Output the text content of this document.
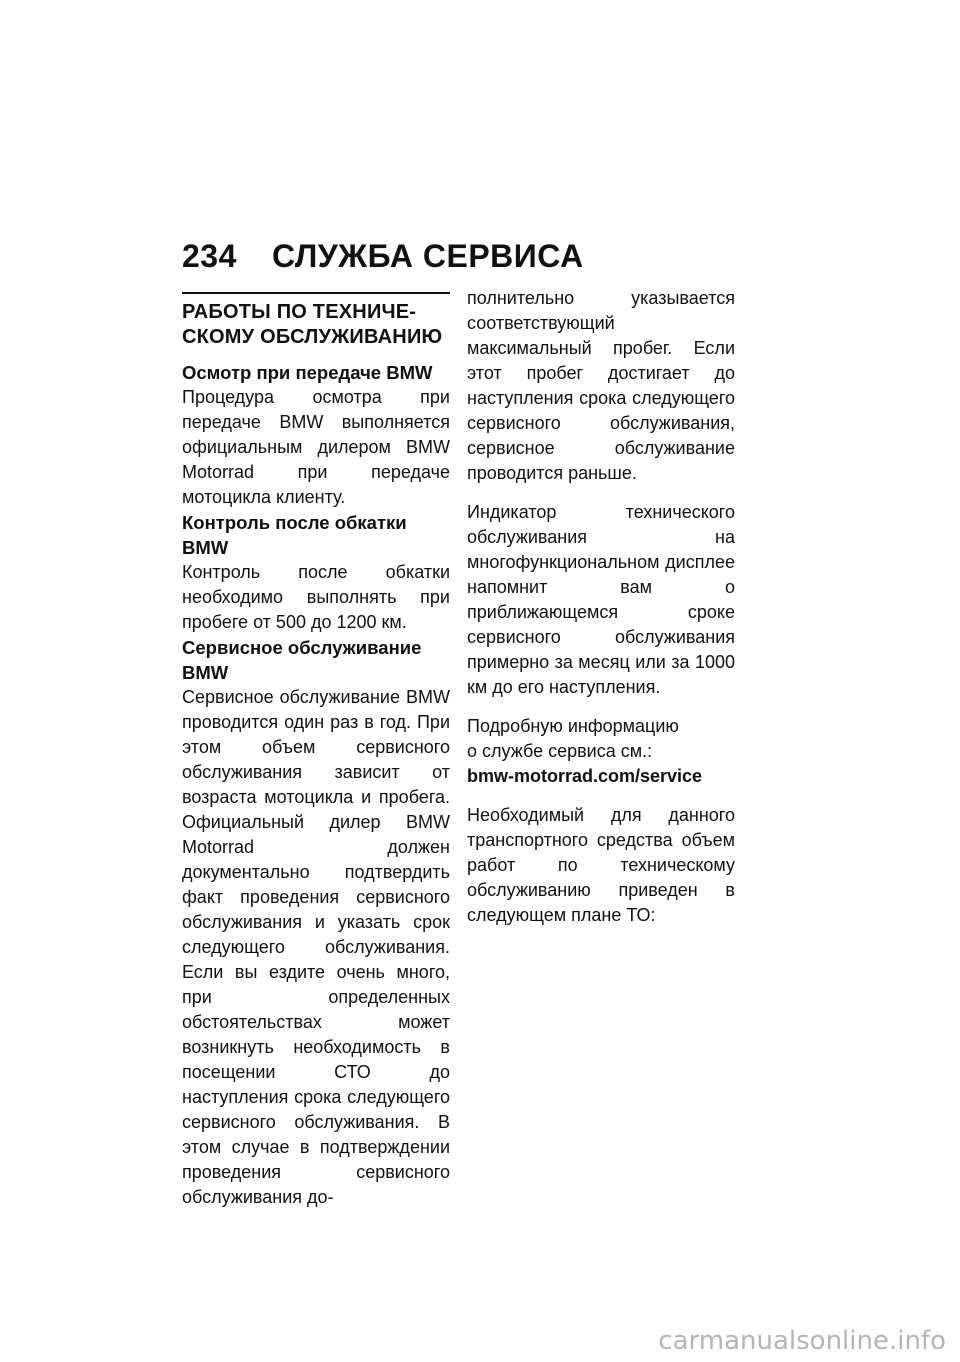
234	СЛУЖБА СЕРВИСА
РАБОТЫ ПО ТЕХНИЧЕ-
СКОМУ ОБСЛУЖИВАНИЮ
Осмотр при передаче BMW

Процедура осмотра при передаче BMW выполняется официальным дилером BMW Motorrad при передаче мотоцикла клиенту.

Контроль после обкатки BMW

Контроль после обкатки необходимо выполнять при пробеге от 500 до 1200 км.

Сервисное обслуживание BMW

Сервисное обслуживание BMW проводится один раз в год. При этом объем сервисного обслуживания зависит от возраста мотоцикла и пробега. Официальный дилер BMW Motorrad должен документально подтвердить факт проведения сервисного обслуживания и указать срок следующего обслуживания. Если вы ездите очень много, при определенных обстоятельствах может возникнуть необходимость в посещении СТО до наступления срока следующего сервисного обслуживания. В этом случае в подтверждении проведения сервисного обслуживания до-

полнительно указывается соответствующий максимальный пробег. Если этот пробег достигает до наступления срока следующего сервисного обслуживания, сервисное обслуживание проводится раньше.

Индикатор технического обслуживания на многофункциональном дисплее напомнит вам о приближающемся сроке сервисного обслуживания примерно за месяц или за 1000 км до его наступления.

Подробную информацию
о службе сервиса см.:

bmw-motorrad.com/service

Необходимый для данного транспортного средства объем работ по техническому обслуживанию приведен в следующем плане ТО:

carmanualsonline.info
